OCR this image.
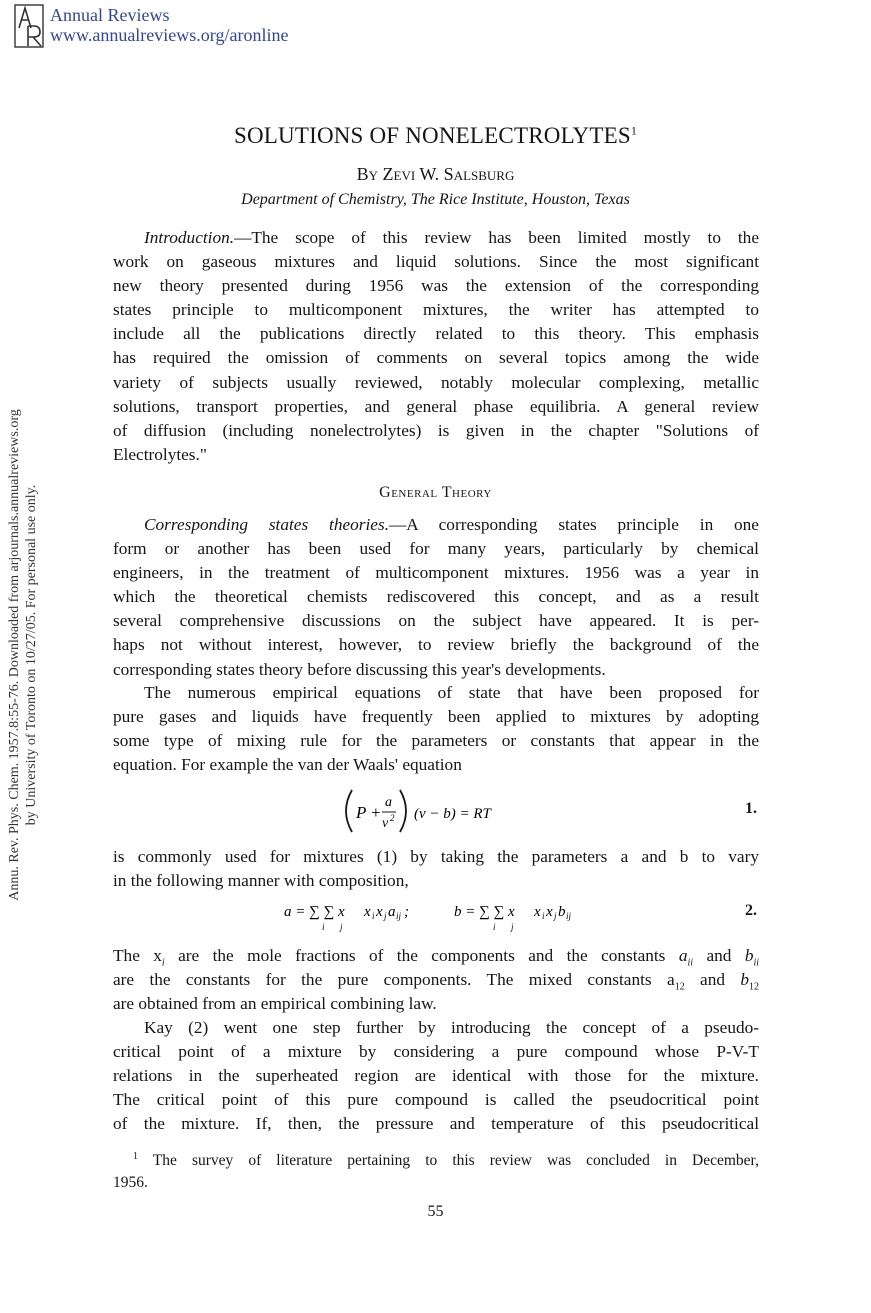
Annual Reviews
www.annualreviews.org/aronline
Annu. Rev. Phys. Chem. 1957.8:55-76. Downloaded from arjournals.annualreviews.org by University of Toronto on 10/27/05. For personal use only.
SOLUTIONS OF NONELECTROLYTES$^1$
By Zevi W. Salsburg
Department of Chemistry, The Rice Institute, Houston, Texas
Introduction.—The scope of this review has been limited mostly to the
work on gaseous mixtures and liquid solutions. Since the most significant
new theory presented during 1956 was the extension of the corresponding
states principle to multicomponent mixtures, the writer has attempted to
include all the publications directly related to this theory. This emphasis
has required the omission of comments on several topics among the wide
variety of subjects usually reviewed, notably molecular complexing, metallic
solutions, transport properties, and general phase equilibria. A general review
of diffusion (including nonelectrolytes) is given in the chapter "Solutions of
Electrolytes."
General Theory
Corresponding states theories.—A corresponding states principle in one
form or another has been used for many years, particularly by chemical
engineers, in the treatment of multicomponent mixtures. 1956 was a year in
which the theoretical chemists rediscovered this concept, and as a result
several comprehensive discussions on the subject have appeared. It is per-
haps not without interest, however, to review briefly the background of the
corresponding states theory before discussing this year's developments.
The numerous empirical equations of state that have been proposed for
pure gases and liquids have frequently been applied to mixtures by adopting
some type of mixing rule for the parameters or constants that appear in the
equation. For example the van der Waals' equation
P +
a
v 2 (v − b) = RT	1.
is commonly used for mixtures (1) by taking the parameters a and b to vary
in the following manner with composition,
a = ∑ ∑ x x i x j a ij ;
i j
b = ∑ ∑ x x i x j b ij
i j
2.
The $x_i$ are the mole fractions of the components and the constants $a_{ii}$ and $b_{ii}$
are the constants for the pure components. The mixed constants $a_{12}$ and $b_{12}$
are obtained from an empirical combining law.
Kay (2) went one step further by introducing the concept of a pseudo-
critical point of a mixture by considering a pure compound whose P-V-T
relations in the superheated region are identical with those for the mixture.
The critical point of this pure compound is called the pseudocritical point
of the mixture. If, then, the pressure and temperature of this pseudocritical
$^1$ The survey of literature pertaining to this review was concluded in December,
1956.
55
